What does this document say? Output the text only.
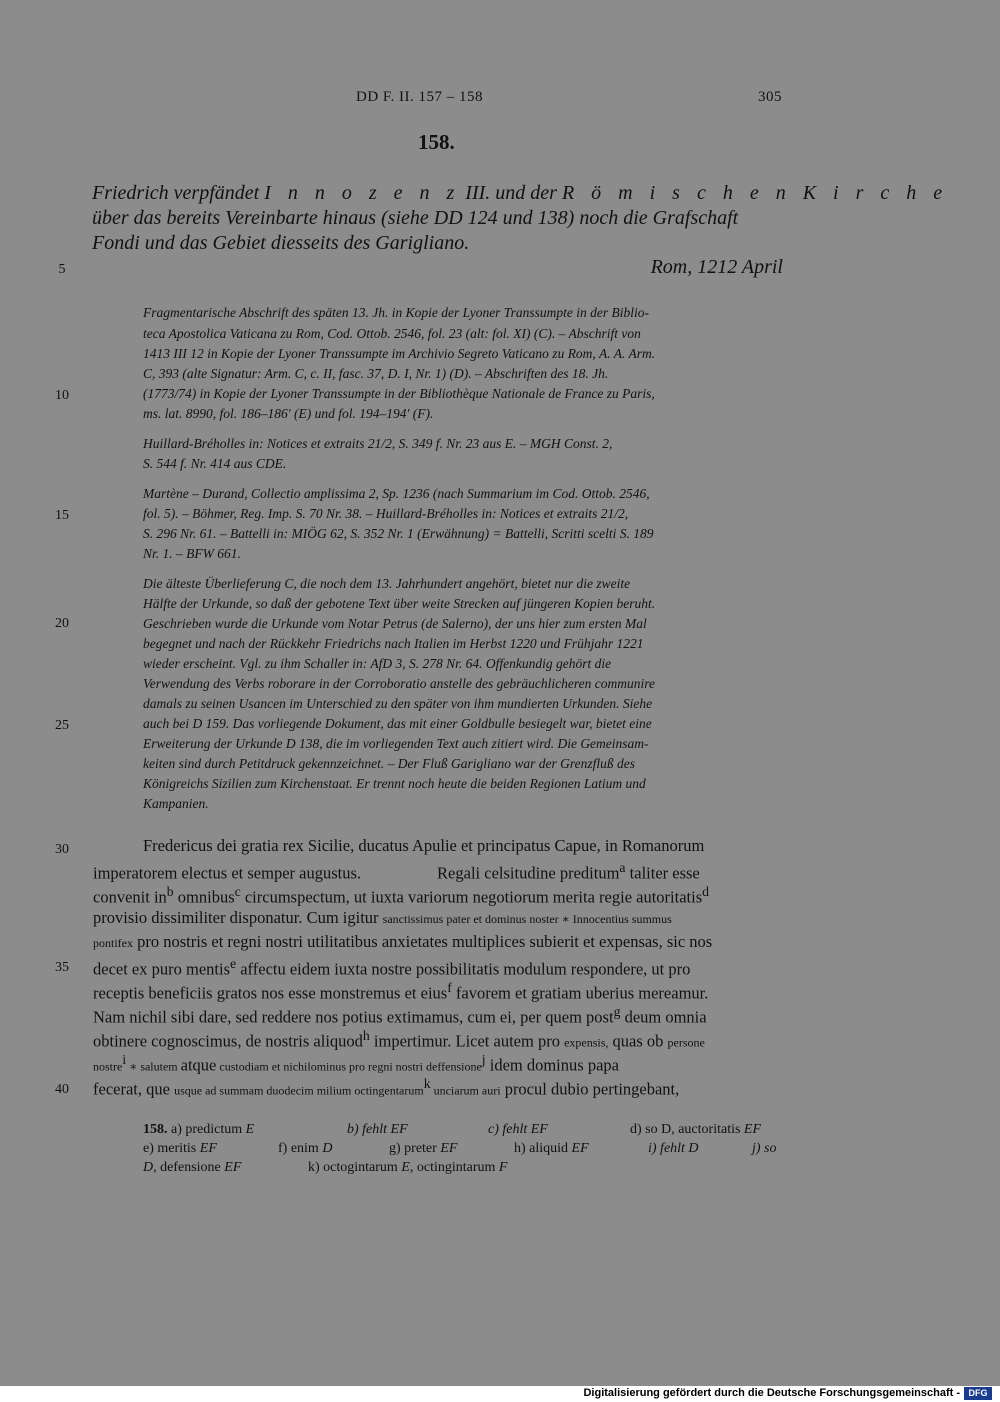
DD F. II. 157 – 158	305
158.
Friedrich verpfändet I n n o z e n z III. und der R ö m i s c h e n K i r c h e
über das bereits Vereinbarte hinaus (siehe DD 124 und 138) noch die Grafschaft
Fondi und das Gebiet diesseits des Garigliano.
Rom, 1212 April
5
10
15
20
25
30
35
40
Fragmentarische Abschrift des späten 13. Jh. in Kopie der Lyoner Transsumpte in der Biblio-
teca Apostolica Vaticana zu Rom, Cod. Ottob. 2546, fol. 23 (alt: fol. XI) (C). – Abschrift von
1413 III 12 in Kopie der Lyoner Transsumpte im Archivio Segreto Vaticano zu Rom, A. A. Arm.
C, 393 (alte Signatur: Arm. C, c. II, fasc. 37, D. I, Nr. 1) (D). – Abschriften des 18. Jh.
(1773/74) in Kopie der Lyoner Transsumpte in der Bibliothèque Nationale de France zu Paris,
ms. lat. 8990, fol. 186–186' (E) und fol. 194–194' (F).
Huillard-Bréholles in: Notices et extraits 21/2, S. 349 f. Nr. 23 aus E. – MGH Const. 2,
S. 544 f. Nr. 414 aus CDE.
Martène – Durand, Collectio amplissima 2, Sp. 1236 (nach Summarium im Cod. Ottob. 2546,
fol. 5). – Böhmer, Reg. Imp. S. 70 Nr. 38. – Huillard-Bréholles in: Notices et extraits 21/2,
S. 296 Nr. 61. – Battelli in: MIÖG 62, S. 352 Nr. 1 (Erwähnung) = Battelli, Scritti scelti S. 189
Nr. 1. – BFW 661.
Die älteste Überlieferung C, die noch dem 13. Jahrhundert angehört, bietet nur die zweite
Hälfte der Urkunde, so daß der gebotene Text über weite Strecken auf jüngeren Kopien beruht.
Geschrieben wurde die Urkunde vom Notar Petrus (de Salerno), der uns hier zum ersten Mal
begegnet und nach der Rückkehr Friedrichs nach Italien im Herbst 1220 und Frühjahr 1221
wieder erscheint. Vgl. zu ihm Schaller in: AfD 3, S. 278 Nr. 64. Offenkundig gehört die
Verwendung des Verbs roborare in der Corroboratio anstelle des gebräuchlicheren communire
damals zu seinen Usancen im Unterschied zu den später von ihm mundierten Urkunden. Siehe
auch bei D 159. Das vorliegende Dokument, das mit einer Goldbulle besiegelt war, bietet eine
Erweiterung der Urkunde D 138, die im vorliegenden Text auch zitiert wird. Die Gemeinsam-
keiten sind durch Petitdruck gekennzeichnet. – Der Fluß Garigliano war der Grenzfluß des
Königreichs Sizilien zum Kirchenstaat. Er trennt noch heute die beiden Regionen Latium und
Kampanien.
Fredericus dei gratia rex Sicilie, ducatus Apulie et principatus Capue, in Romanorum
imperatorem electus et semper augustus.	Regali celsitudine preditum$^a$ taliter esse
convenit $in^b$ omnibus$^c$ circumspectum, ut iuxta variorum negotiorum merita regie autoritatis$^d$
provisio dissimiliter disponatur. Cum igitur sanctissimus pater et dominus noster ∗ Innocentius summus
pontifex pro nostris et regni nostri utilitatibus anxietates multiplices subierit et expensas, sic nos
decet ex puro mentis$^e$ affectu eidem iuxta nostre possibilitatis modulum respondere, ut pro
receptis beneficiis gratos nos esse monstremus et eius$^f$ favorem et gratiam uberius mereamur.
Nam nichil sibi dare, sed reddere nos potius extimamus, cum ei, per quem post$^g$ deum omnia
obtinere cognoscimus, de nostris aliquod$^h$ impertimur. Licet autem pro expensis, quas ob persone
nostre$^i$ ∗ salutem atque custodiam et nichilominus pro regni nostri deffensione$^j$ idem dominus papa
fecerat, que usque ad summam duodecim milium octingentarum$^k$ unciarum auri procul dubio pertingebant,
158. a) predictum E	b) fehlt EF	c) fehlt EF	d) so D, auctoritatis EF
e) meritis EF	f) enim D	g) preter EF	h) aliquid EF	i) fehlt D	j) so
D, defensione EF	k) octogintarum E, octingintarum F
Digitalisierung gefördert durch die Deutsche Forschungsgemeinschaft - DFG
